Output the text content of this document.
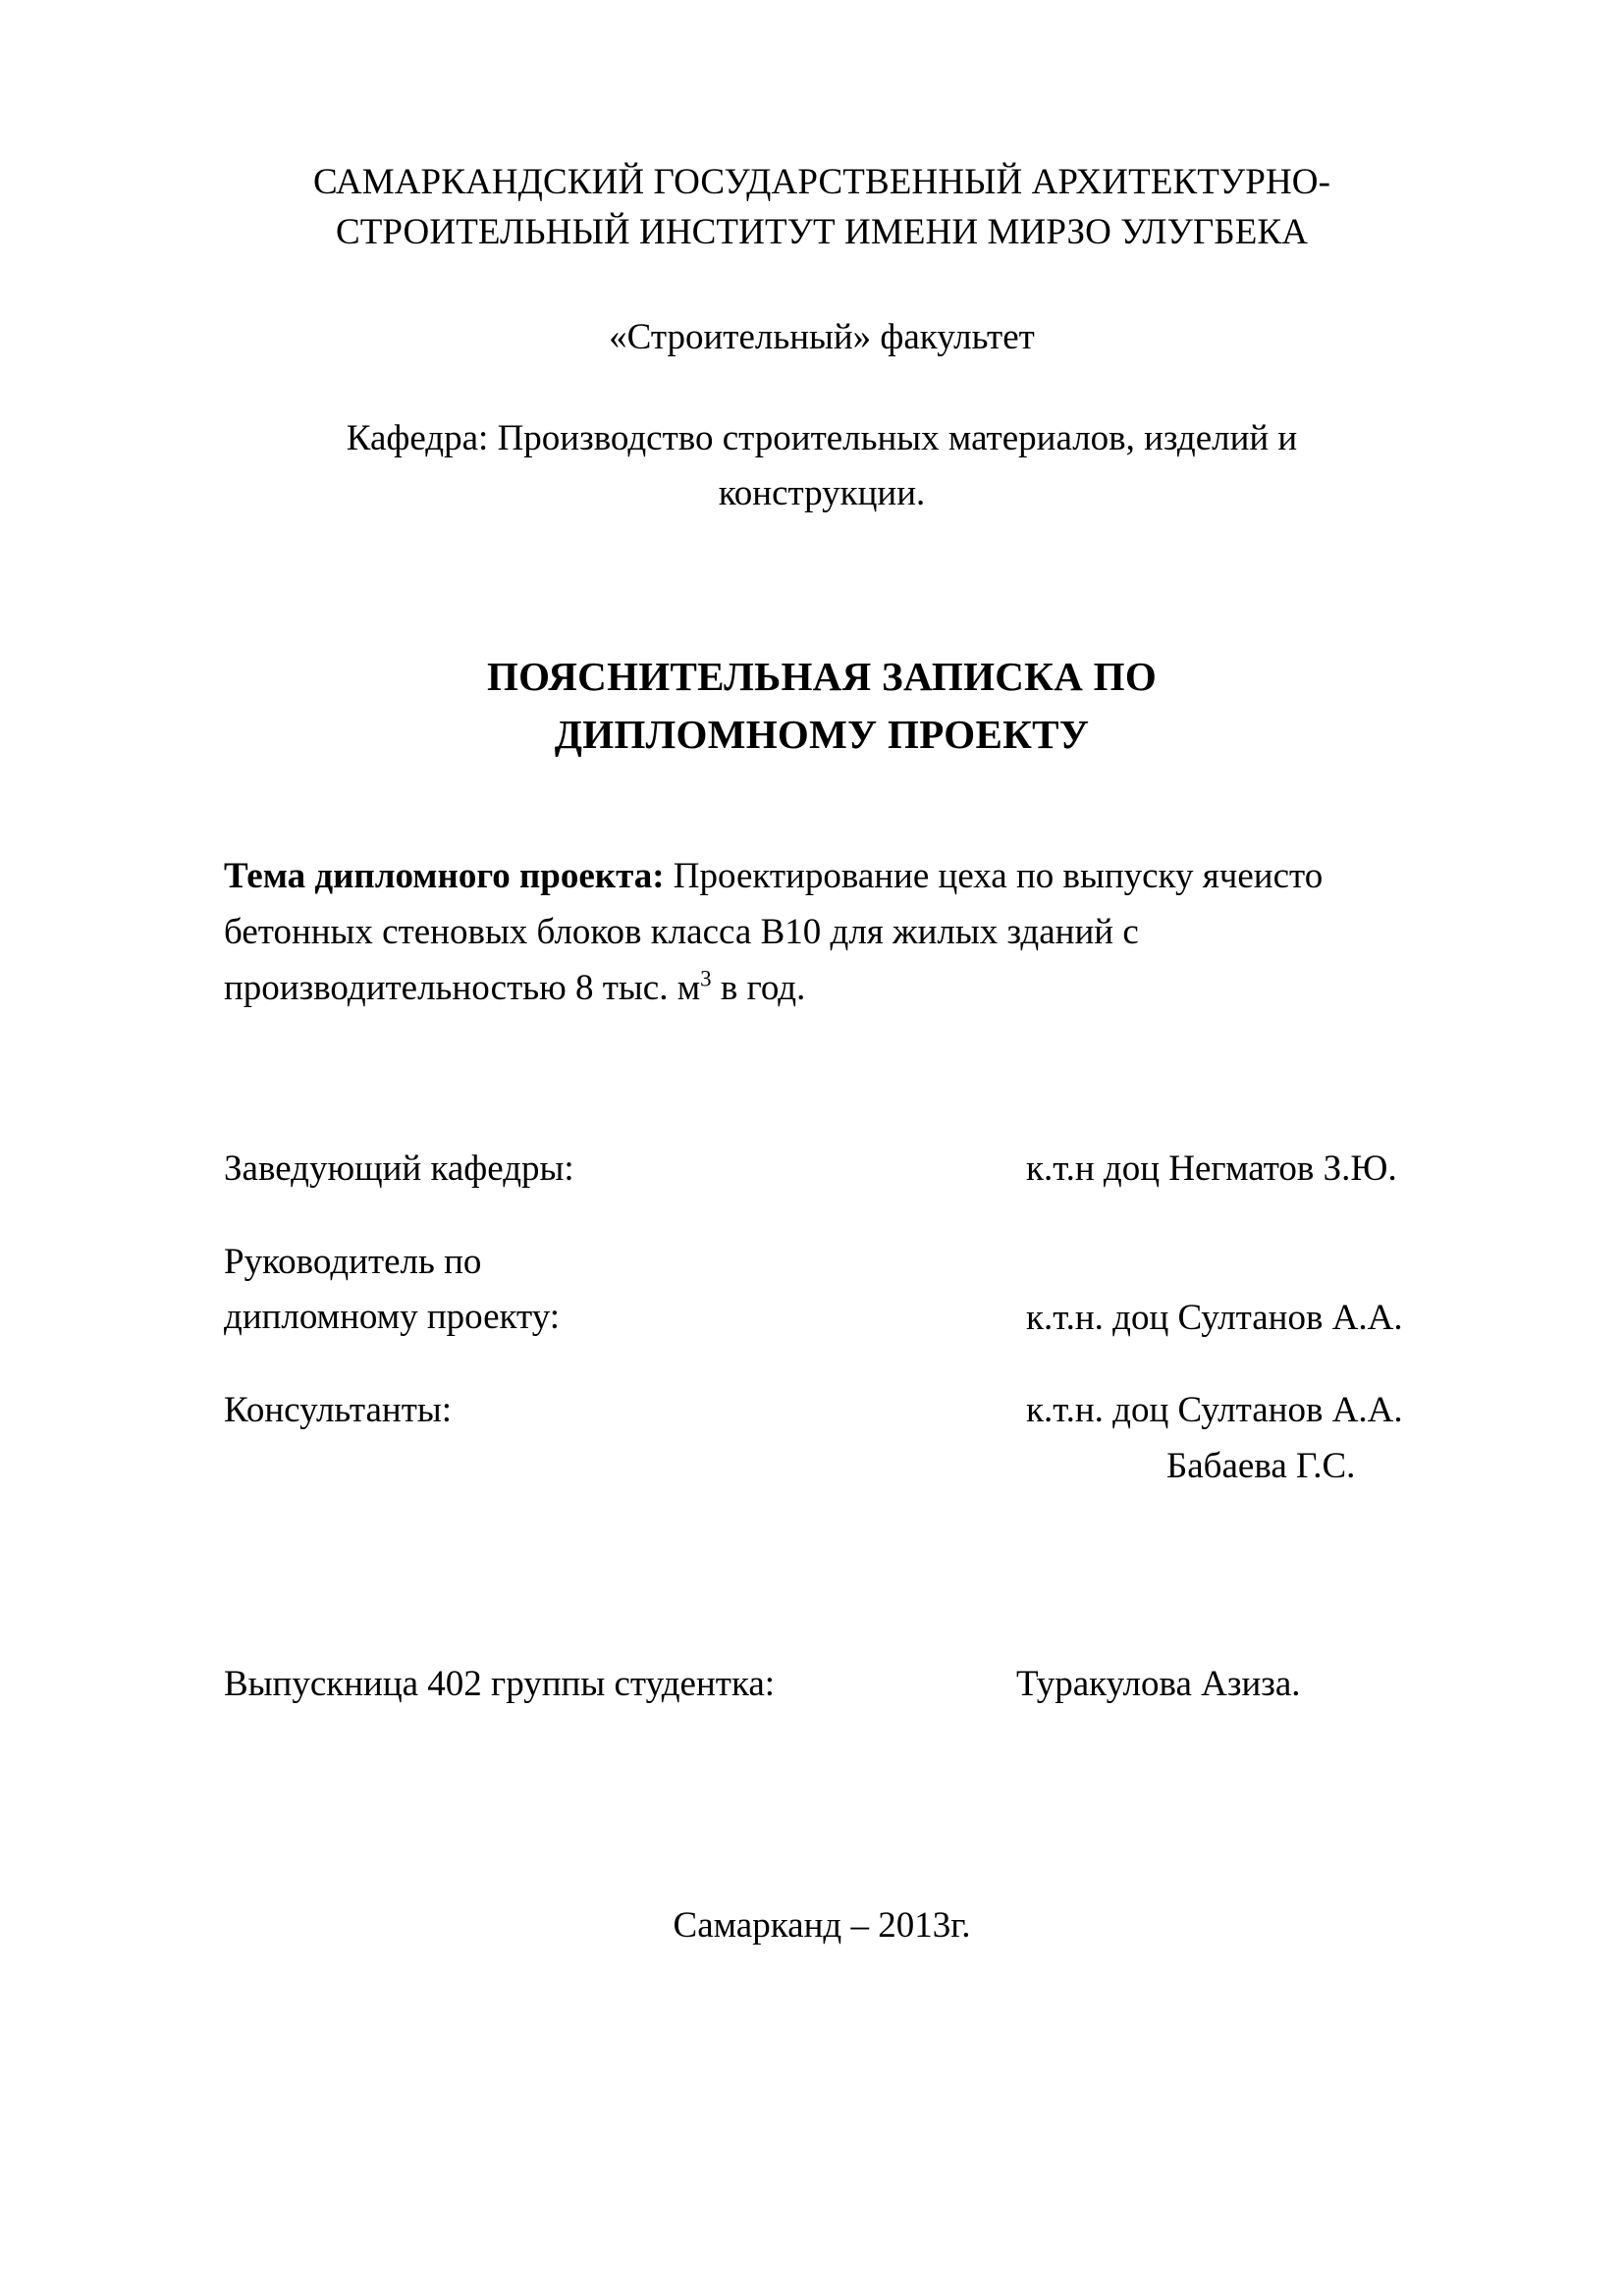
САМАРКАНДСКИЙ ГОСУДАРСТВЕННЫЙ АРХИТЕКТУРНО-
СТРОИТЕЛЬНЫЙ ИНСТИТУТ ИМЕНИ МИРЗО УЛУГБЕКА
«Строительный» факультет
Кафедра: Производство строительных материалов, изделий и
конструкции.
ПОЯСНИТЕЛЬНАЯ ЗАПИСКА ПО
ДИПЛОМНОМУ ПРОЕКТУ
Тема дипломного проекта: Проектирование цеха по выпуску ячеисто бетонных стеновых блоков класса В10 для жилых зданий с производительностью 8 тыс. $м^3$ в год.
Заведующий кафедры:	к.т.н доц Негматов З.Ю.
Руководитель по
дипломному проекту:	к.т.н. доц Султанов А.А.
Консультанты:	к.т.н. доц Султанов А.А.
Бабаева Г.С.
Выпускница 402 группы студентка:	Туракулова Азиза.
Самарканд – 2013г.
